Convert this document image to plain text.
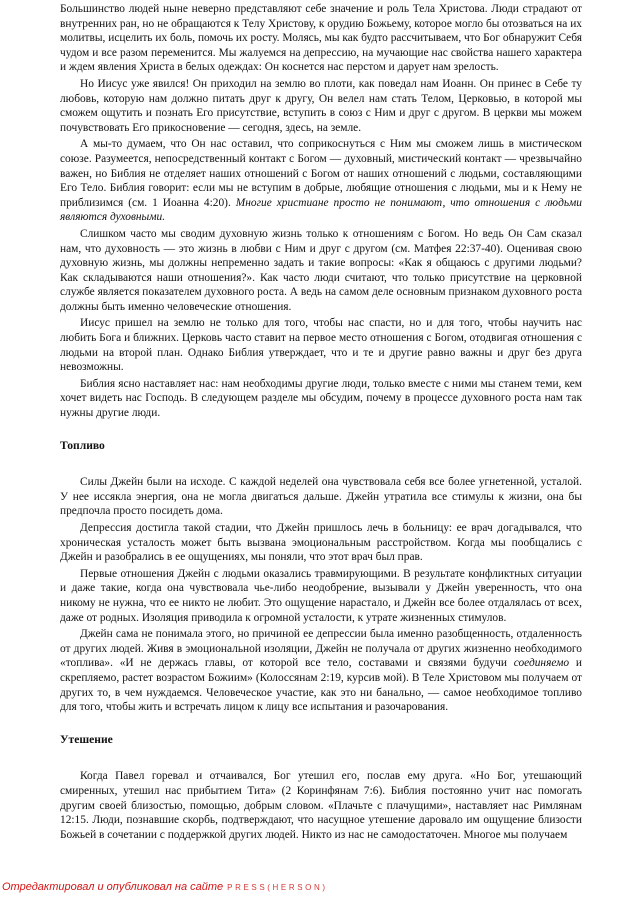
Большинство людей ныне неверно представляют себе значение и роль Тела Христова. Люди страдают от внутренних ран, но не обращаются к Телу Христову, к орудию Божьему, которое могло бы отозваться на их молитвы, исцелить их боль, помочь их росту. Молясь, мы как будто рассчитываем, что Бог обнаружит Себя чудом и все разом переменится. Мы жалуемся на депрессию, на мучающие нас свойства нашего характера и ждем явления Христа в белых одеждах: Он коснется нас перстом и дарует нам зрелость.

Но Иисус уже явился! Он приходил на землю во плоти, как поведал нам Иоанн. Он принес в Себе ту любовь, которую нам должно питать друг к другу, Он велел нам стать Телом, Церковью, в которой мы сможем ощутить и познать Его присутствие, вступить в союз с Ним и друг с другом. В церкви мы можем почувствовать Его прикосновение — сегодня, здесь, на земле.

А мы-то думаем, что Он нас оставил, что соприкоснуться с Ним мы сможем лишь в мистическом союзе. Разумеется, непосредственный контакт с Богом — духовный, мистический контакт — чрезвычайно важен, но Библия не отделяет наших отношений с Богом от наших отношений с людьми, составляющими Его Тело. Библия говорит: если мы не вступим в добрые, любящие отношения с людьми, мы и к Нему не приблизимся (см. 1 Иоанна 4:20). Многие христиане просто не понимают, что отношения с людьми являются духовными.

Слишком часто мы сводим духовную жизнь только к отношениям с Богом. Но ведь Он Сам сказал нам, что духовность — это жизнь в любви с Ним и друг с другом (см. Матфея 22:37-40). Оценивая свою духовную жизнь, мы должны непременно задать и такие вопросы: «Как я общаюсь с другими людьми? Как складываются наши отношения?». Как часто люди считают, что только присутствие на церковной службе является показателем духовного роста. А ведь на самом деле основным признаком духовного роста должны быть именно человеческие отношения.

Иисус пришел на землю не только для того, чтобы нас спасти, но и для того, чтобы научить нас любить Бога и ближних. Церковь часто ставит на первое место отношения с Богом, отодвигая отношения с людьми на второй план. Однако Библия утверждает, что и те и другие равно важны и друг без друга невозможны.

Библия ясно наставляет нас: нам необходимы другие люди, только вместе с ними мы станем теми, кем хочет видеть нас Господь. В следующем разделе мы обсудим, почему в процессе духовного роста нам так нужны другие люди.

Топливо

Силы Джейн были на исходе. С каждой неделей она чувствовала себя все более угнетенной, усталой. У нее иссякла энергия, она не могла двигаться дальше. Джейн утратила все стимулы к жизни, она бы предпочла просто посидеть дома.

Депрессия достигла такой стадии, что Джейн пришлось лечь в больницу: ее врач догадывался, что хроническая усталость может быть вызвана эмоциональным расстройством. Когда мы пообщались с Джейн и разобрались в ее ощущениях, мы поняли, что этот врач был прав.

Первые отношения Джейн с людьми оказались травмирующими. В результате конфликтных ситуации и даже такие, когда она чувствовала чье-либо неодобрение, вызывали у Джейн уверенность, что она никому не нужна, что ее никто не любит. Это ощущение нарастало, и Джейн все более отдалялась от всех, даже от родных. Изоляция приводила к огромной усталости, к утрате жизненных стимулов.

Джейн сама не понимала этого, но причиной ее депрессии была именно разобщенность, отдаленность от других людей. Живя в эмоциональной изоляции, Джейн не получала от других жизненно необходимого «топлива». «И не держась главы, от которой все тело, составами и связями будучи соединяемо и скрепляемо, растет возрастом Божиим» (Колоссянам 2:19, курсив мой). В Теле Христовом мы получаем от других то, в чем нуждаемся. Человеческое участие, как это ни банально, — самое необходимое топливо для того, чтобы жить и встречать лицом к лицу все испытания и разочарования.

Утешение

Когда Павел горевал и отчаивался, Бог утешил его, послав ему друга. «Но Бог, утешающий смиренных, утешил нас прибытием Тита» (2 Коринфянам 7:6). Библия постоянно учит нас помогать другим своей близостью, помощью, добрым словом. «Плачьте с плачущими», наставляет нас Римлянам 12:15. Люди, познавшие скорбь, подтверждают, что насущное утешение даровало им ощущение близости Божьей в сочетании с поддержкой других людей. Никто из нас не самодостаточен. Многое мы получаем

Отредактировал и опубликовал на сайте PRESS(HERSON)
